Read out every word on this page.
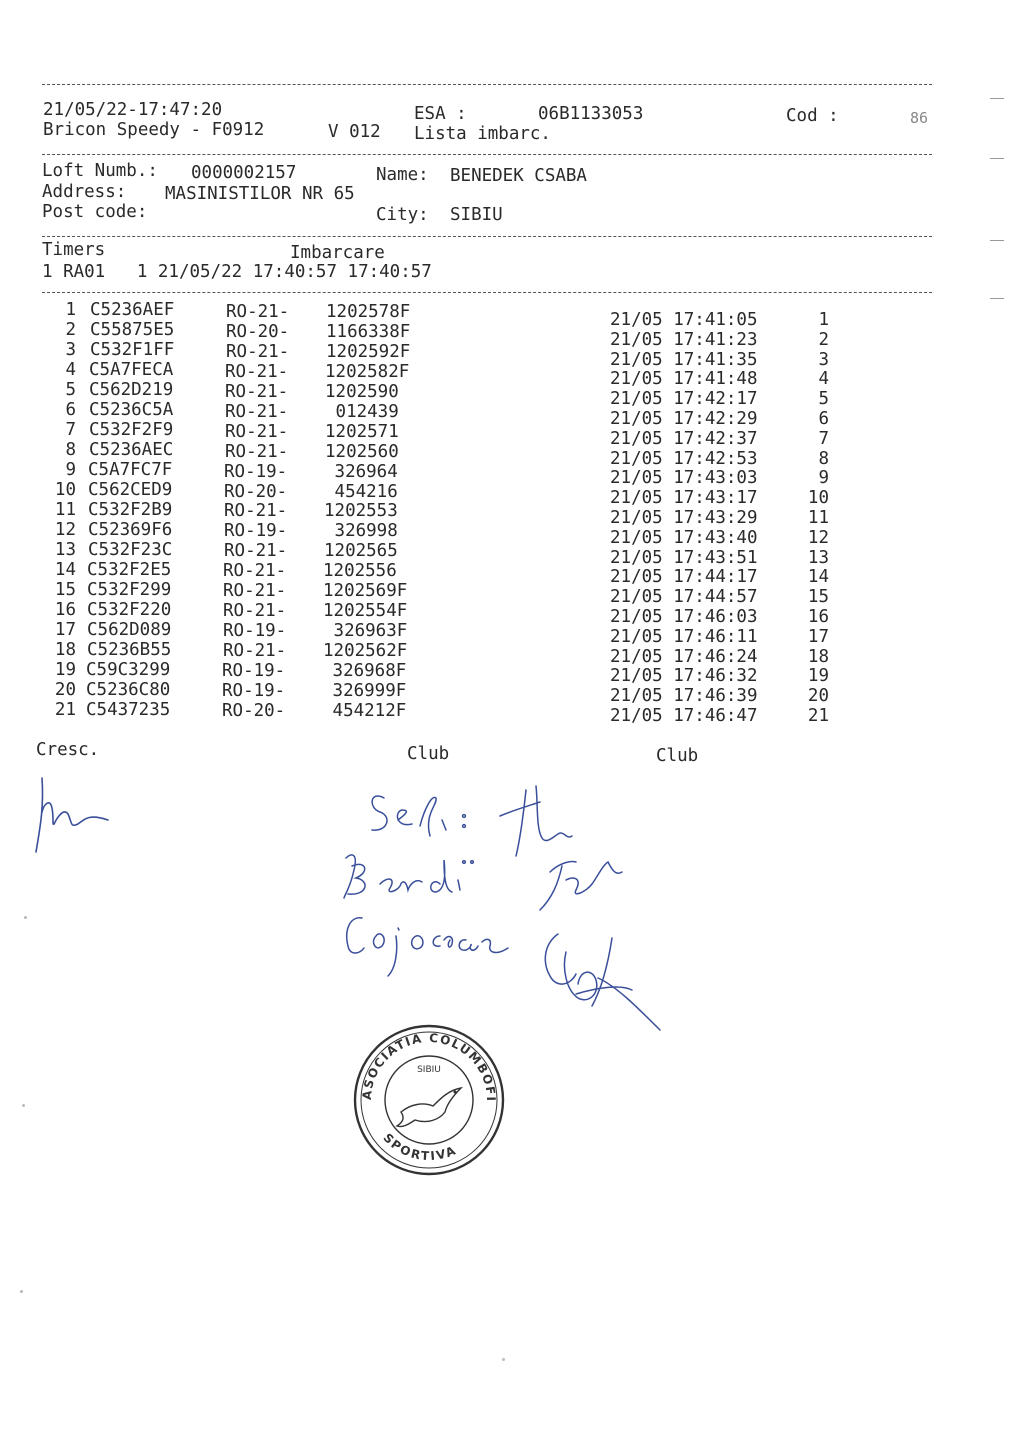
21/05/22-17:47:20	ESA :	06B1133053	Cod :	86
Bricon Speedy - F0912	V 012 Lista imbarc.
Loft Numb.: 0000002157	Name: BENEDEK CSABA
Address: MASINISTILOR NR 65
Post code:	City: SIBIU
Timers	Imbarcare
1 RA01   1 21/05/22 17:40:57 17:40:57
1 C5236AEF	RO-21- 1202578F	21/05 17:41:05	1
2 C55875E5	RO-20- 1166338F	21/05 17:41:23	2
3 C532F1FF	RO-21- 1202592F	21/05 17:41:35	3
4 C5A7FECA	RO-21- 1202582F	21/05 17:41:48	4
5 C562D219	RO-21- 1202590	21/05 17:42:17	5
6 C5236C5A	RO-21- 012439	21/05 17:42:29	6
7 C532F2F9	RO-21- 1202571	21/05 17:42:37	7
8 C5236AEC	RO-21- 1202560	21/05 17:42:53	8
9 C5A7FC7F	RO-19- 326964	21/05 17:43:03	9
10 C562CED9	RO-20- 454216	21/05 17:43:17	10
11 C532F2B9	RO-21- 1202553	21/05 17:43:29	11
12 C52369F6	RO-19- 326998	21/05 17:43:40	12
13 C532F23C	RO-21- 1202565	21/05 17:43:51	13
14 C532F2E5	RO-21- 1202556	21/05 17:44:17	14
15 C532F299	RO-21- 1202569F	21/05 17:44:57	15
16 C532F220	RO-21- 1202554F	21/05 17:46:03	16
17 C562D089	RO-19- 326963F	21/05 17:46:11	17
18 C5236B55	RO-21- 1202562F	21/05 17:46:24	18
19 C59C3299	RO-19- 326968F	21/05 17:46:32	19
20 C5236C80	RO-19- 326999F	21/05 17:46:39	20
21 C5437235	RO-20- 454212F	21/05 17:46:47	21
Cresc.	Club	Club
ASOCIATIA COLUMBOFILA
SPORTIVA
SIBIU
